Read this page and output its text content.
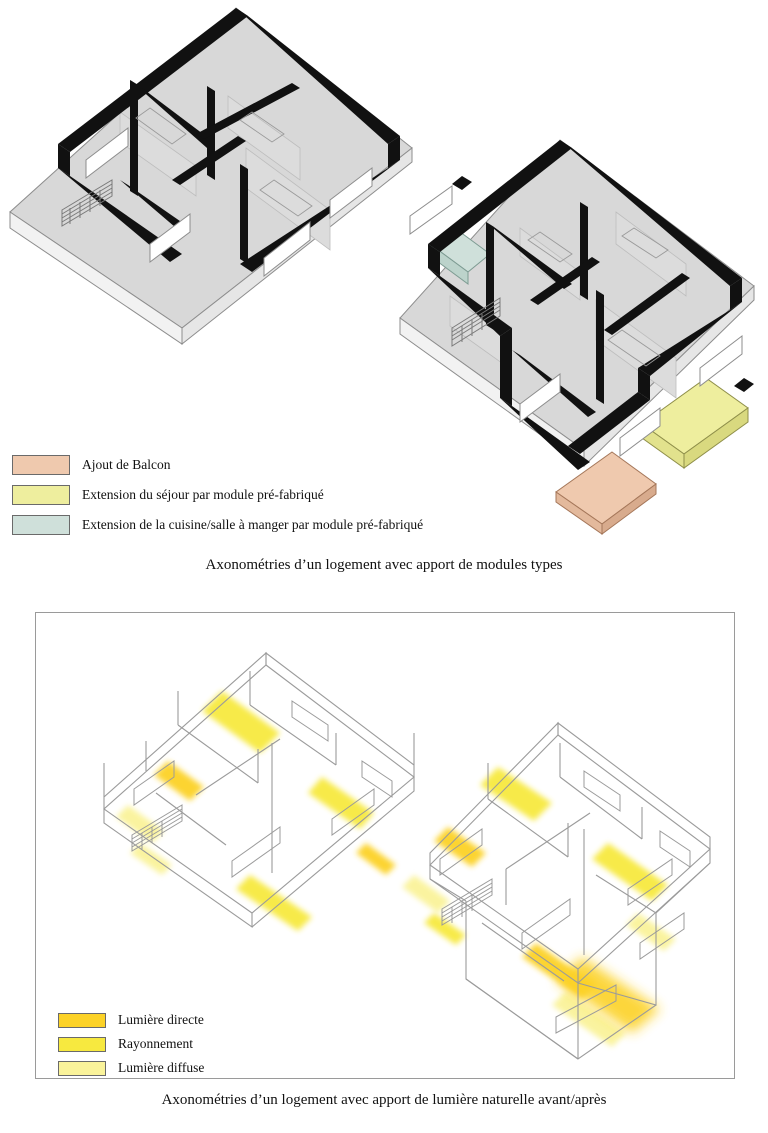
Ajout de Balcon
Extension du séjour par module pré-fabriqué
Extension de la cuisine/salle à manger par module pré-fabriqué
Axonométries d’un logement avec apport de modules types
Lumière directe
Rayonnement
Lumière diffuse
Axonométries d’un logement avec apport de lumière naturelle avant/après
